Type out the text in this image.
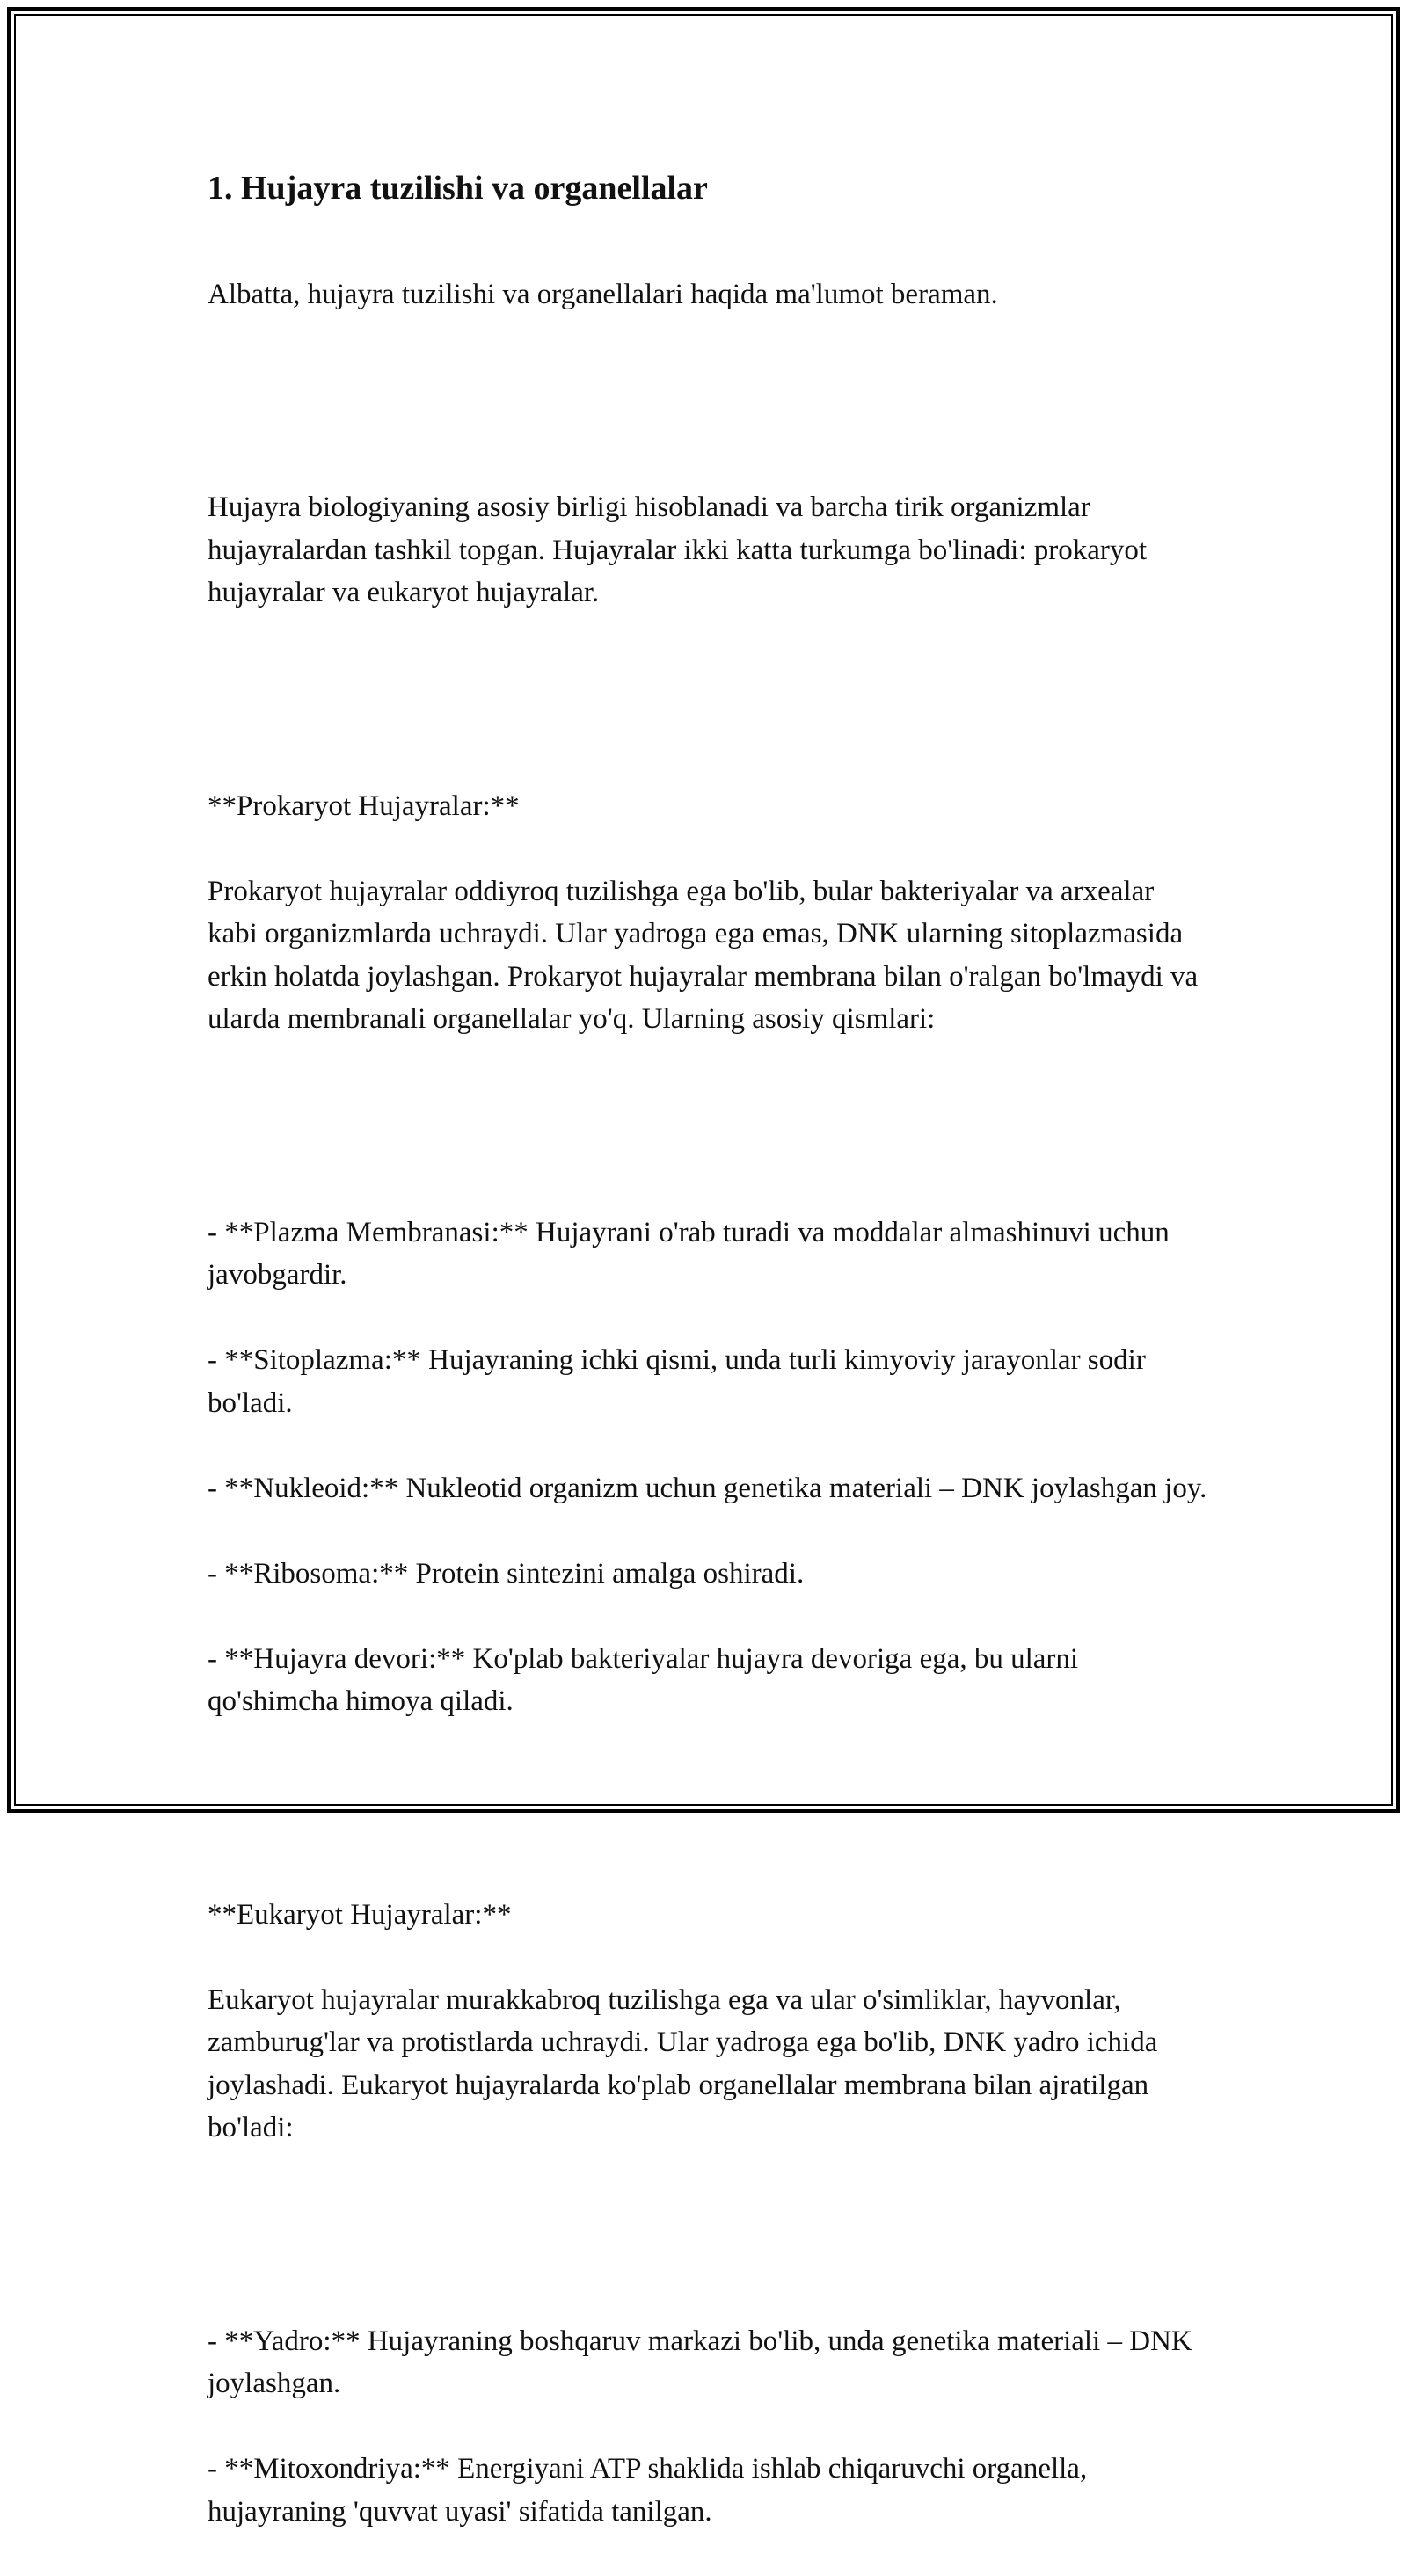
1. Hujayra tuzilishi va organellalar

Albatta, hujayra tuzilishi va organellalari haqida ma'lumot beraman.

Hujayra biologiyaning asosiy birligi hisoblanadi va barcha tirik organizmlar hujayralardan tashkil topgan. Hujayralar ikki katta turkumga bo'linadi: prokaryot hujayralar va eukaryot hujayralar.

**Prokaryot Hujayralar:**

Prokaryot hujayralar oddiyroq tuzilishga ega bo'lib, bular bakteriyalar va arxealar kabi organizmlarda uchraydi. Ular yadroga ega emas, DNK ularning sitoplazmasida erkin holatda joylashgan. Prokaryot hujayralar membrana bilan o'ralgan bo'lmaydi va ularda membranali organellalar yo'q. Ularning asosiy qismlari:

- **Plazma Membranasi:** Hujayrani o'rab turadi va moddalar almashinuvi uchun javobgardir.

- **Sitoplazma:** Hujayraning ichki qismi, unda turli kimyoviy jarayonlar sodir bo'ladi.

- **Nukleoid:** Nukleotid organizm uchun genetika materiali – DNK joylashgan joy.

- **Ribosoma:** Protein sintezini amalga oshiradi.

- **Hujayra devori:** Ko'plab bakteriyalar hujayra devoriga ega, bu ularni qo'shimcha himoya qiladi.

**Eukaryot Hujayralar:**

Eukaryot hujayralar murakkabroq tuzilishga ega va ular o'simliklar, hayvonlar, zamburug'lar va protistlarda uchraydi. Ular yadroga ega bo'lib, DNK yadro ichida joylashadi. Eukaryot hujayralarda ko'plab organellalar membrana bilan ajratilgan bo'ladi:

- **Yadro:** Hujayraning boshqaruv markazi bo'lib, unda genetika materiali – DNK joylashgan.

- **Mitoxondriya:** Energiyani ATP shaklida ishlab chiqaruvchi organella, hujayraning 'quvvat uyasi' sifatida tanilgan.
